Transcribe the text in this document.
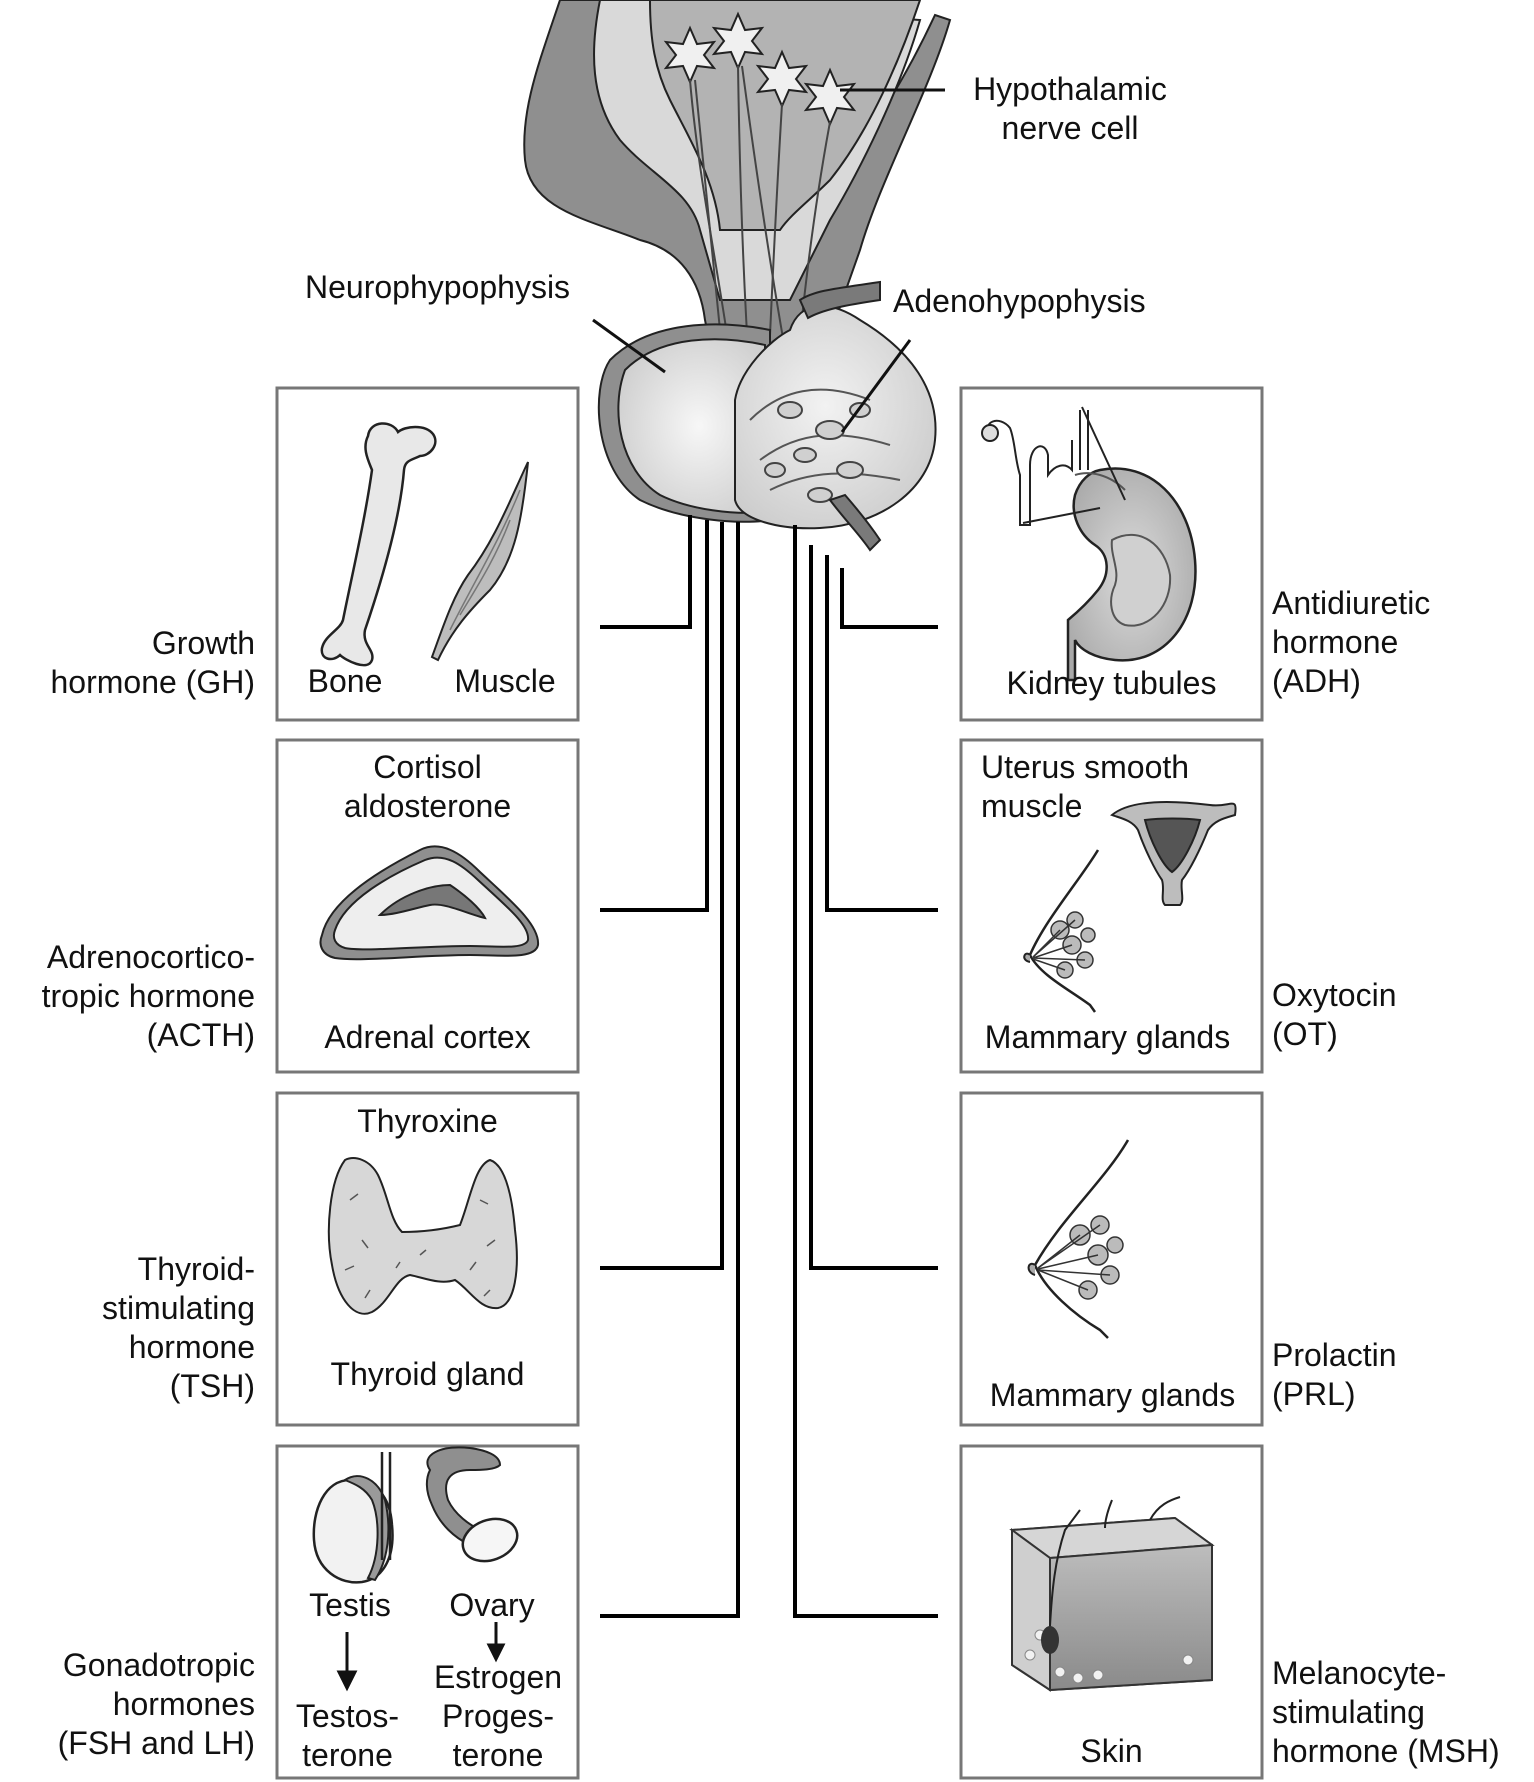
Hypothalamic
nerve cell
Neurophypophysis	Adenohypophysis
Growth
hormone (GH)
Adrenocortico-
tropic hormone
(ACTH)
Thyroid-
stimulating
hormone
(TSH)
Gonadotropic
hormones
(FSH and LH)
Antidiuretic
hormone
(ADH)
Oxytocin
(OT)
Prolactin
(PRL)
Melanocyte-
stimulating
hormone (MSH)
Bone	Muscle
Cortisol
aldosterone
Adrenal cortex
Thyroxine
Thyroid gland
Testis	Ovary
Testos-
terone
Estrogen
Proges-
terone
Kidney tubules
Uterus smooth
muscle
Mammary glands
Mammary glands
Skin
